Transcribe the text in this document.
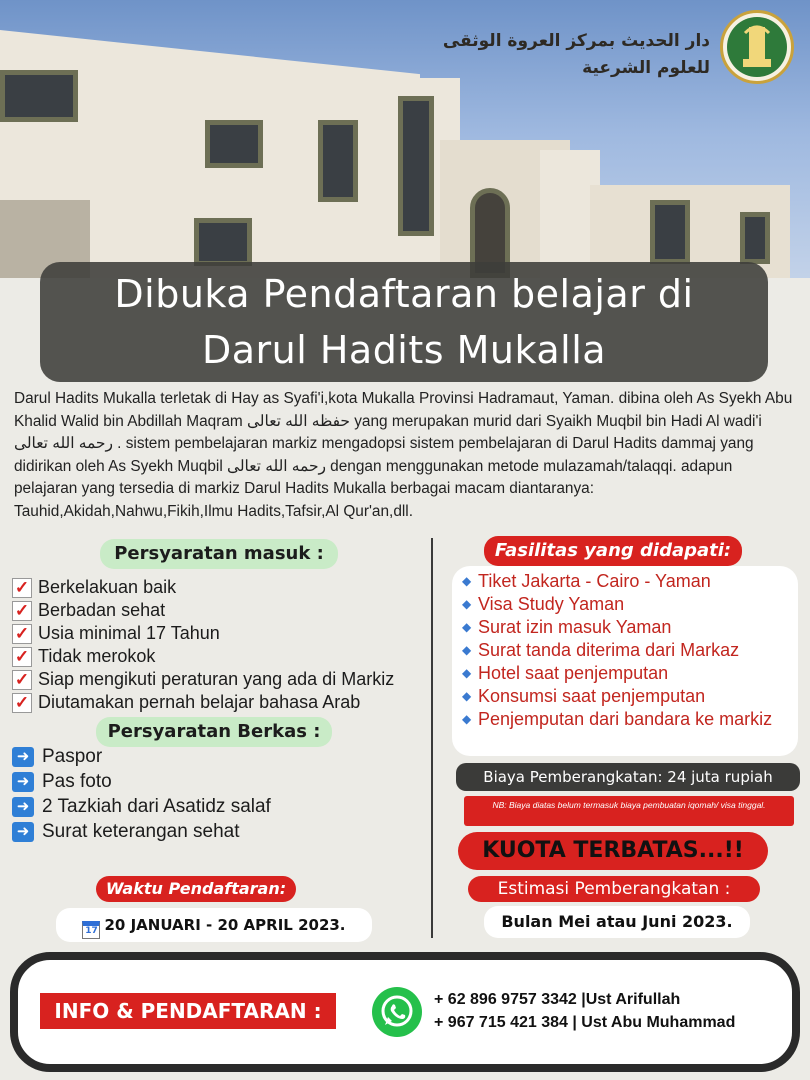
دار الحديث بمركز العروة الوثقى
للعلوم الشرعية
Dibuka Pendaftaran belajar di
Darul Hadits Mukalla
Darul Hadits Mukalla terletak di Hay as Syafi'i,kota Mukalla Provinsi Hadramaut, Yaman. dibina oleh As Syekh Abu Khalid Walid bin Abdillah Maqram حفظه الله تعالى yang merupakan murid dari Syaikh Muqbil bin Hadi Al wadi'i رحمه الله تعالى . sistem pembelajaran markiz mengadopsi sistem pembelajaran di Darul Hadits dammaj yang didirikan oleh As Syekh Muqbil رحمه الله تعالى dengan menggunakan metode mulazamah/talaqqi. adapun pelajaran yang tersedia di markiz Darul Hadits Mukalla berbagai macam diantaranya: Tauhid,Akidah,Nahwu,Fikih,Ilmu Hadits,Tafsir,Al Qur'an,dll.
Persyaratan masuk :
✓ Berkelakuan baik
✓ Berbadan sehat
✓ Usia minimal 17 Tahun
✓ Tidak merokok
✓ Siap mengikuti peraturan yang ada di Markiz
✓ Diutamakan pernah belajar bahasa Arab
Persyaratan Berkas :
➜ Paspor
➜ Pas foto
➜ 2 Tazkiah dari Asatidz salaf
➜ Surat keterangan sehat
Fasilitas yang didapati:
◆ Tiket Jakarta - Cairo - Yaman
◆ Visa Study Yaman
◆ Surat izin masuk Yaman
◆ Surat tanda diterima dari Markaz
◆ Hotel saat penjemputan
◆ Konsumsi saat penjemputan
◆ Penjemputan dari bandara ke markiz
Biaya Pemberangkatan: 24 juta rupiah
NB: Biaya diatas belum termasuk biaya pembuatan iqomah/ visa tinggal.
KUOTA TERBATAS...!!
Estimasi Pemberangkatan :
Bulan Mei atau Juni 2023.
Waktu Pendaftaran:
17 20 JANUARI - 20 APRIL 2023.
INFO & PENDAFTARAN :	+ 62 896 9757 3342 |Ust Arifullah
+ 967 715 421 384 | Ust Abu Muhammad
